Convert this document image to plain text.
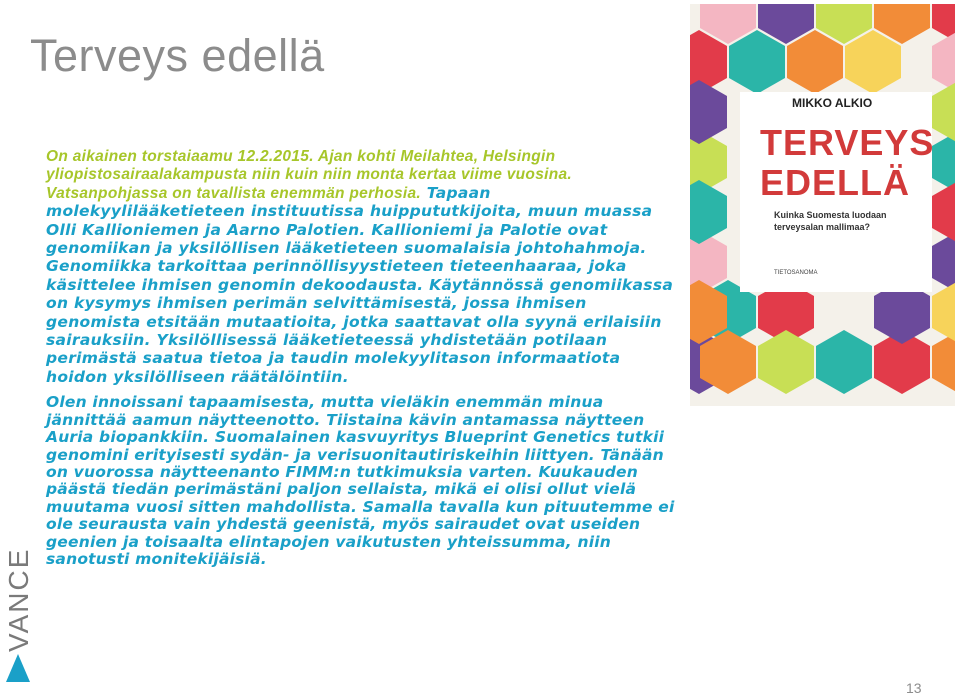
Terveys edellä

On aikainen torstaiaamu 12.2.2015. Ajan kohti Meilahtea, Helsingin yliopistosairaalakampusta niin kuin niin monta kertaa viime vuosina. Vatsanpohjassa on tavallista enemmän perhosia. Tapaan molekyylilääketieteen instituutissa huippututkijoita, muun muassa Olli Kallioniemen ja Aarno Palotien. Kallioniemi ja Palotie ovat genomiikan ja yksilöllisen lääketieteen suomalaisia johtohahmoja. Genomiikka tarkoittaa perinnöllisyystieteen tieteenhaaraa, joka käsittelee ihmisen genomin dekoodausta. Käytännössä genomiikassa on kysymys ihmisen perimän selvittämisestä, jossa ihmisen genomista etsitään mutaatioita, jotka saattavat olla syynä erilaisiin sairauksiin. Yksilöllisessä lääketieteessä yhdistetään potilaan perimästä saatua tietoa ja taudin molekyylitason informaatiota hoidon yksilölliseen räätälöintiin.

Olen innoissani tapaamisesta, mutta vieläkin enemmän minua jännittää aamun näytteenotto. Tiistaina kävin antamassa näytteen Auria biopankkiin. Suomalainen kasvuyritys Blueprint Genetics tutkii genomini erityisesti sydän- ja verisuonitautiriskeihin liittyen. Tänään on vuorossa näytteenanto FIMM:n tutkimuksia varten. Kuukauden päästä tiedän perimästäni paljon sellaista, mikä ei olisi ollut vielä muutama vuosi sitten mahdollista. Samalla tavalla kun pituutemme ei ole seurausta vain yhdestä geenistä, myös sairaudet ovat useiden geenien ja toisaalta elintapojen vaikutusten yhteissumma, niin sanotusti monitekijäisiä.

MIKKO ALKIO
TERVEYS
EDELLÄ
Kuinka Suomesta luodaan
terveysalan mallimaa?
TIETOSANOMA
VANCE
13
